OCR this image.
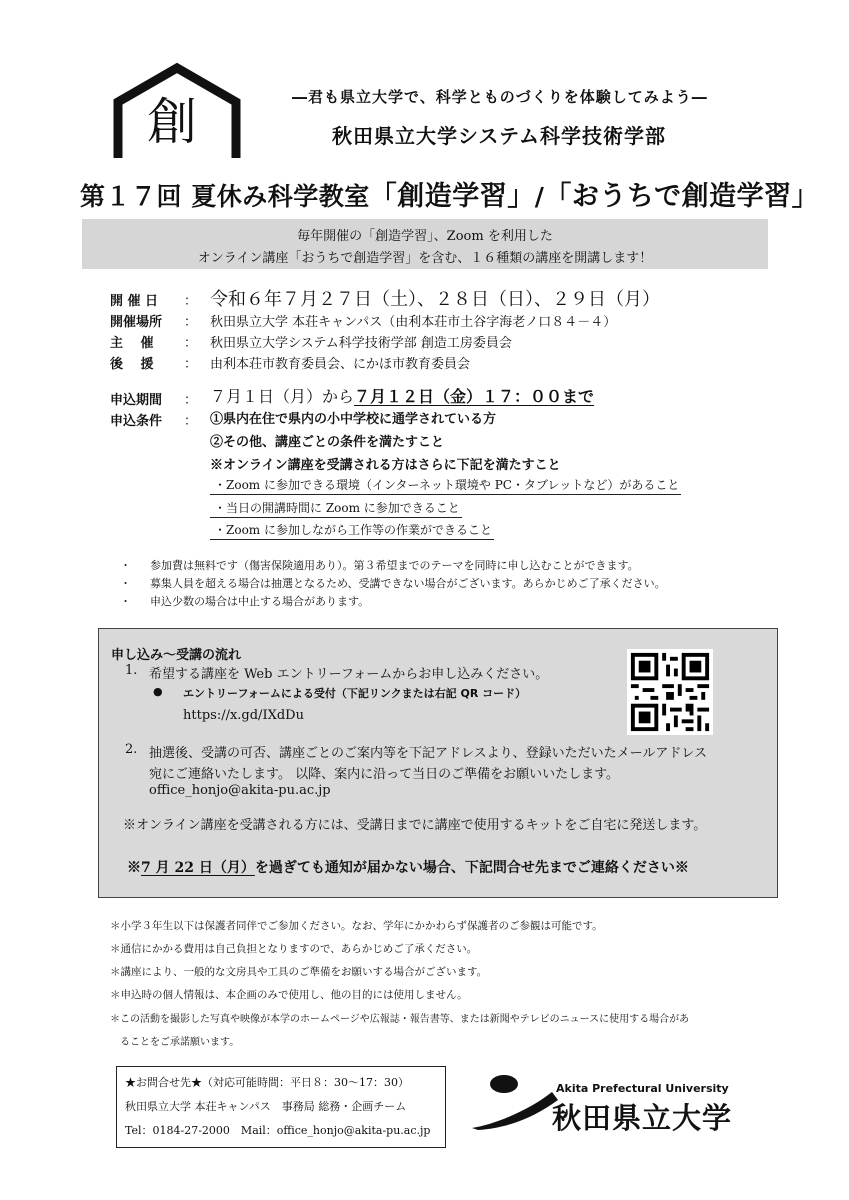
創	―君も県立大学で、科学とものづくりを体験してみよう―
秋田県立大学システム科学技術学部
第１７回 夏休み科学教室「創造学習」/「おうちで創造学習」
毎年開催の「創造学習」、Zoom を利用した
オンライン講座「おうちで創造学習」を含む、１６種類の講座を開講します！
開 催 日 ： 令和６年７月２７日（土）、２８日（日）、２９日（月）
開催場所 ： 秋田県立大学 本荘キャンパス（由利本荘市土谷字海老ノ口８４－４）
主　 催 ： 秋田県立大学システム科学技術学部 創造工房委員会
後　 援 ： 由利本荘市教育委員会、にかほ市教育委員会
申込期間 ： ７月１日（月）から７月１２日（金）１７：００まで
申込条件 ： ①県内在住で県内の小中学校に通学されている方
②その他、講座ごとの条件を満たすこと
※オンライン講座を受講される方はさらに下記を満たすこと
・Zoom に参加できる環境（インターネット環境や PC・タブレットなど）があること
・当日の開講時間に Zoom に参加できること
・Zoom に参加しながら工作等の作業ができること
・ 参加費は無料です（傷害保険適用あり）。第３希望までのテーマを同時に申し込むことができます。
・ 募集人員を超える場合は抽選となるため、受講できない場合がございます。あらかじめご了承ください。
・ 申込少数の場合は中止する場合があります。
申し込み～受講の流れ
1. 希望する講座を Web エントリーフォームからお申し込みください。
● エントリーフォームによる受付（下記リンクまたは右記 QR コード）
https://x.gd/IXdDu
2. 抽選後、受講の可否、講座ごとのご案内等を下記アドレスより、登録いただいたメールアドレス
宛にご連絡いたします。 以降、案内に沿って当日のご準備をお願いいたします。
office_honjo@akita-pu.ac.jp
※オンライン講座を受講される方には、受講日までに講座で使用するキットをご自宅に発送します。
※7 月 22 日（月）を過ぎても通知が届かない場合、下記問合せ先までご連絡ください※
＊小学３年生以下は保護者同伴でご参加ください。なお、学年にかかわらず保護者のご参観は可能です。
＊通信にかかる費用は自己負担となりますので、あらかじめご了承ください。
＊講座により、一般的な文房具や工具のご準備をお願いする場合がございます。
＊申込時の個人情報は、本企画のみで使用し、他の目的には使用しません。
＊この活動を撮影した写真や映像が本学のホームページや広報誌・報告書等、または新聞やテレビのニュースに使用する場合があ
　ることをご承諾願います。
★お問合せ先★（対応可能時間：平日８：30～17：30）
秋田県立大学 本荘キャンパス　事務局 総務・企画チーム
Tel：0184-27-2000　Mail：office_honjo@akita-pu.ac.jp
Akita Prefectural University
秋田県立大学
